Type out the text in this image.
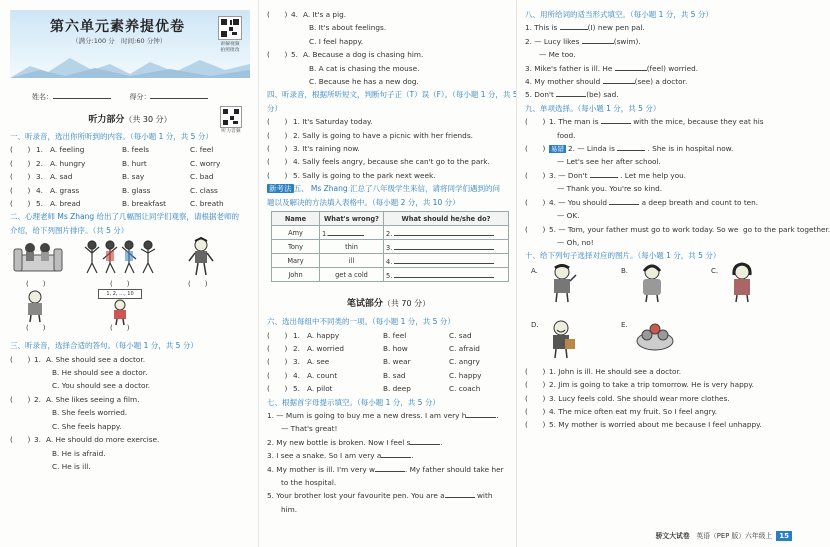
第六单元素养提优卷
（满分:100 分　时间:60 分钟）	讲解视频
拍照批改
姓名：	得分：
听力部分（共 30 分）
听力音频
一、听录音，选出你所听到的内容。（每小题 1 分，共 5 分）
(　　) 1. A. feeling	B. feels	C. feel
(　　) 2. A. hungry	B. hurt	C. worry
(　　) 3. A. sad	B. say	C. bad
(　　) 4. A. grass	B. glass	C. class
(　　) 5. A. bread	B. breakfast	C. breath
二、心理老师 Ms Zhang 给出了几幅图让同学们观察，请根据老师的
介绍，给下列图片排序。（共 5 分）
(　　)	(　　)	(　　)
1, 2, …, 10
(　　)	(　　)
三、听录音，选择合适的答句。（每小题 1 分，共 5 分）
(　　) 1. A. She should see a doctor.
B. He should see a doctor.
C. You should see a doctor.
(　　) 2. A. She likes seeing a film.
B. She feels worried.
C. She feels happy.
(　　) 3. A. He should do more exercise.
B. He is afraid.
C. He is ill.
(　　) 4. A. It's a pig.
B. It's about feelings.
C. I feel happy.
(　　) 5. A. Because a dog is chasing him.
B. A cat is chasing the mouse.
C. Because he has a new dog.
四、听录音，根据所听短文，判断句子正（T）误（F）。（每小题 1 分，共 5
分）
(　　) 1. It's Saturday today.
(　　) 2. Sally is going to have a picnic with her friends.
(　　) 3. It's raining now.
(　　) 4. Sally feels angry, because she can't go to the park.
(　　) 5. Sally is going to the park next week.
新考法 五、 Ms Zhang 汇总了八年级学生来信，请将同学们遇到的问
题以及解决的方法填入表格中。（每小题 2 分，共 10 分）
Name	What's wrong?	What should he/she do?
Amy	1.	2.
Tony	thin	3.
Mary	ill	4.
John	get a cold	5.
笔试部分（共 70 分）
六、选出每组中不同类的一项。（每小题 1 分，共 5 分）
(　　) 1. A. happy	B. feel	C. sad
(　　) 2. A. worried	B. how	C. afraid
(　　) 3. A. see	B. wear	C. angry
(　　) 4. A. count	B. sad	C. happy
(　　) 5. A. pilot	B. deep	C. coach
七、根据首字母提示填空。（每小题 1 分，共 5 分）
1. — Mum is going to buy me a new dress. I am very h	.
— That's great!
2. My new bottle is broken. Now I feel s	.
3. I see a snake. So I am very a	.
4. My mother is ill. I'm very w	. My father should take her
to the hospital.
5. Your brother lost your favourite pen. You are a	with
him.
八、用所给词的适当形式填空。（每小题 1 分，共 5 分）
1. This is	(I) new pen pal.
2. — Lucy likes	(swim).
— Me too.
3. Mike's father is ill. He	(feel) worried.
4. My mother should	(see) a doctor.
5. Don't	(be) sad.
九、单项选择。（每小题 1 分，共 5 分）
(　　) 1. The man is	with the mice, because they eat his
food.
(　　) 易错 2. — Linda is	. She is in hospital now.
— Let's see her after school.
(　　) 3. — Don't	. Let me help you.
— Thank you. You're so kind.
(　　) 4. — You should	a deep breath and count to ten.
— OK.
(　　) 5. — Tom, your father must go to work today. So we go to the park together.
— Oh, no!
十、给下列句子选择对应的图片。（每小题 1 分，共 5 分）
A.	B.	C.
D.	E.
(　　) 1. John is ill. He should see a doctor.
(　　) 2. Jim is going to take a trip tomorrow. He is very happy.
(　　) 3. Lucy feels cold. She should wear more clothes.
(　　) 4. The mice often eat my fruit. So I feel angry.
(　　) 5. My mother is worried about me because I feel unhappy.
骄文大试卷　 英语（PEP 版）六年级上 15
